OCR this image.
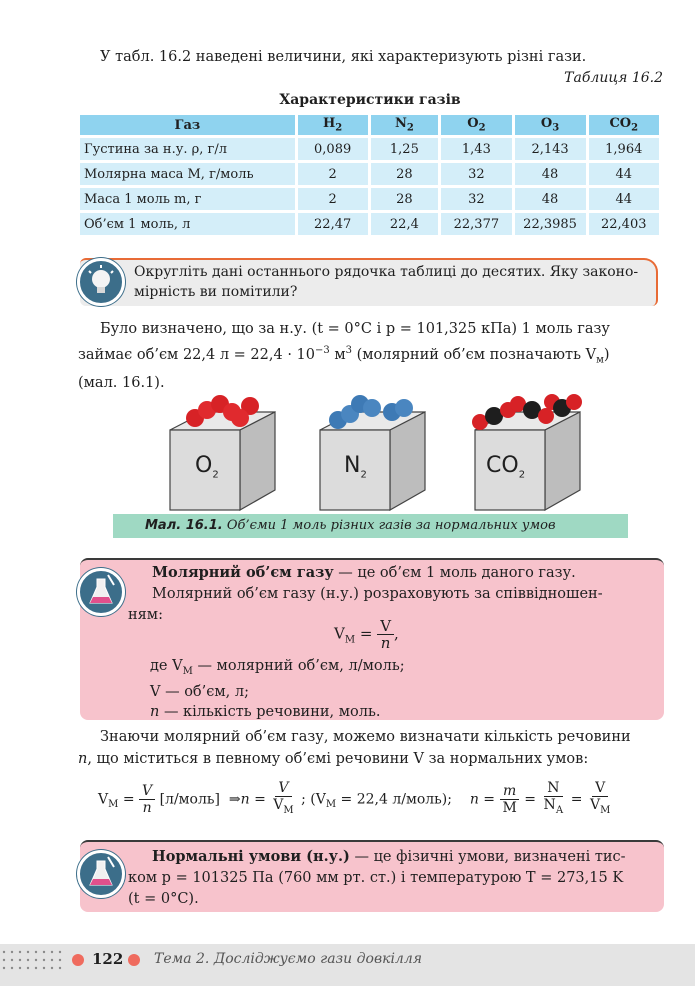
У табл. 16.2 наведені величини, які характеризують різні гази.
Таблиця 16.2
Характеристики газів
Газ	$H_2$	$N_2$	$O_2$	$O_3$	$CO_2$
Густина за н.у. ρ, г/л	0,089	1,25	1,43	2,143	1,964
Молярна маса M, г/моль	2	28	32	48	44
Маса 1 моль m, г	2	28	32	48	44
Об’єм 1 моль, л	22,47	22,4	22,377	22,3985	22,403
Округліть дані останнього рядочка таблиці до десятих. Яку законо-
мірність ви помітили?
Було визначено, що за н.у. (t = 0°C і p = 101,325 кПа) 1 моль газу
займає об’єм 22,4 $л = 22,4 \cdot 10^{-3}$ $м^3$ (молярний об’єм позначають $V_м$)
(мал. 16.1).
$O_2$	$N_2$	$CO_2$
Мал. 16.1. Об’єми 1 моль різних газів за нормальних умов
Молярний об’єм газу — це об’єм 1 моль даного газу.
Молярний об’єм газу (н.у.) розраховують за співвідношен-
ням:
$V_M = \frac{V}{n}$ ,
де $V_M$ — молярний об’єм, л/моль;
V — об’єм, л;
n — кількість речовини, моль.
Знаючи молярний об’єм газу, можемо визначати кількість речовини
n, що міститься в певному об’ємі речовини V за нормальних умов:
$V_М = \frac{V}{n}$ [л/моль] ⇒n = $\frac{V}{V_М}$ ; ($V_М = 22,4$ л/моль); $n = \frac{m}{M} = \frac{N}{N_А} = \frac{V}{V_М}$
Нормальні умови (н.у.) — це фізичні умови, визначені тис-
ком p = 101325 Па (760 мм рт. ст.) і температурою T = 273,15 K
(t = 0°C).
122 Тема 2. Досліджуємо гази довкілля
